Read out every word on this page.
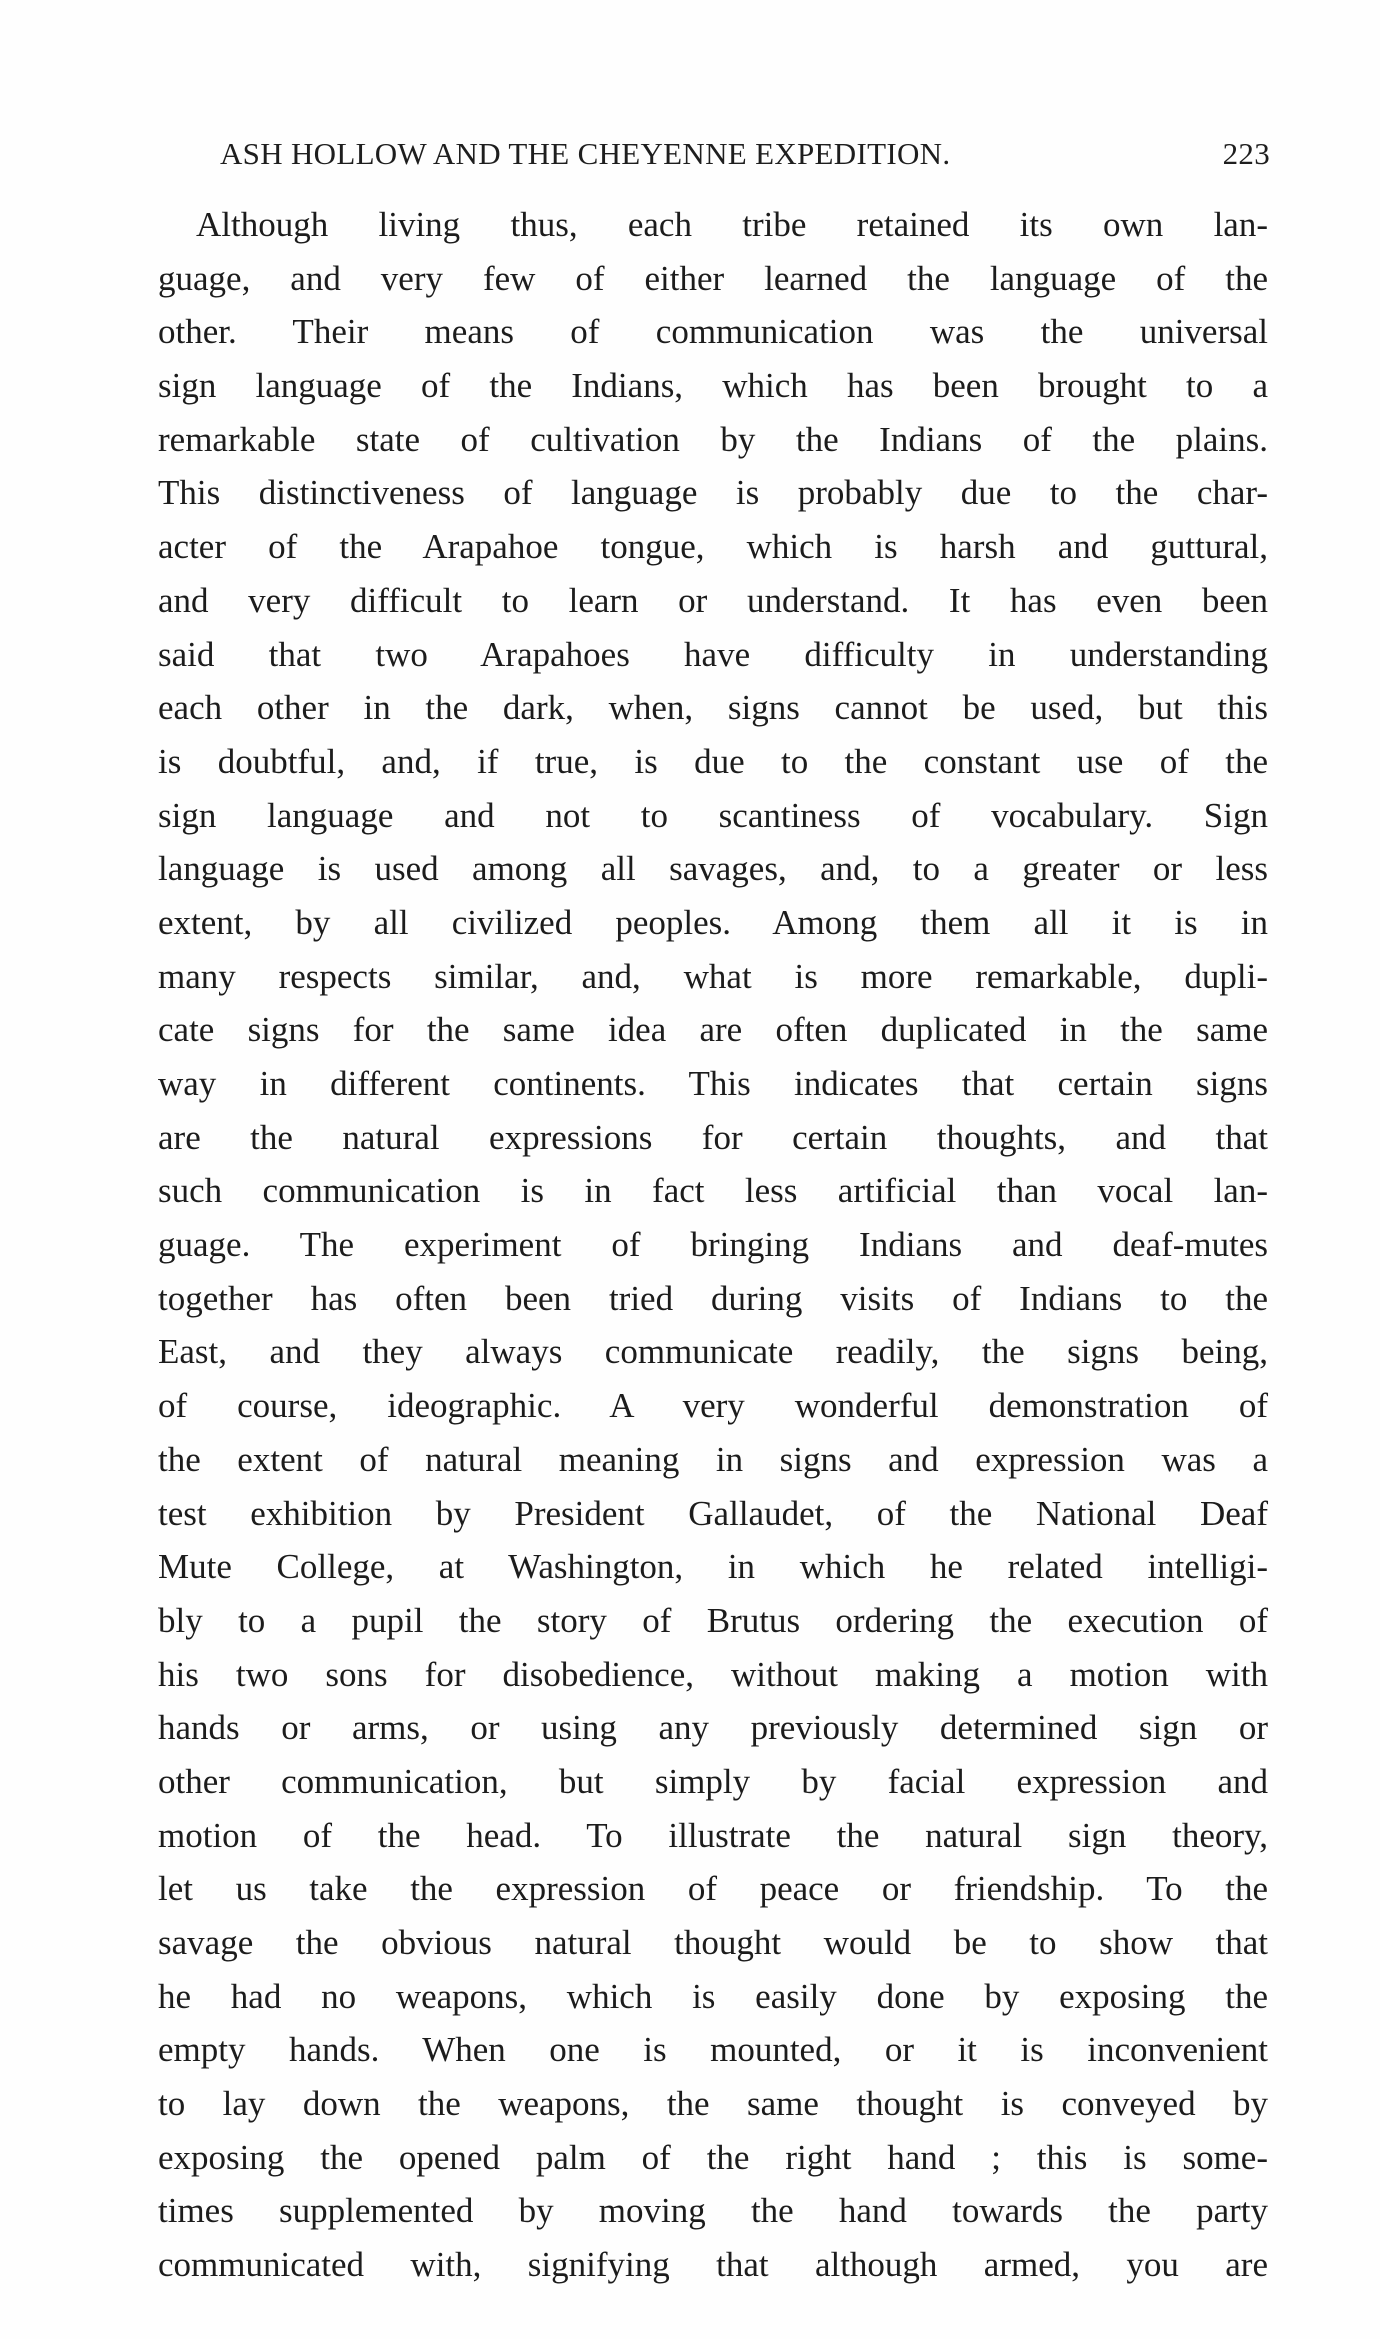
ASH HOLLOW AND THE CHEYENNE EXPEDITION.	223
Although living thus, each tribe retained its own lan-
guage, and very few of either learned the language of the
other. Their means of communication was the universal
sign language of the Indians, which has been brought to a
remarkable state of cultivation by the Indians of the plains.
This distinctiveness of language is probably due to the char-
acter of the Arapahoe tongue, which is harsh and guttural,
and very difficult to learn or understand. It has even been
said that two Arapahoes have difficulty in understanding
each other in the dark, when, signs cannot be used, but this
is doubtful, and, if true, is due to the constant use of the
sign language and not to scantiness of vocabulary. Sign
language is used among all savages, and, to a greater or less
extent, by all civilized peoples. Among them all it is in
many respects similar, and, what is more remarkable, dupli-
cate signs for the same idea are often duplicated in the same
way in different continents. This indicates that certain signs
are the natural expressions for certain thoughts, and that
such communication is in fact less artificial than vocal lan-
guage. The experiment of bringing Indians and deaf-mutes
together has often been tried during visits of Indians to the
East, and they always communicate readily, the signs being,
of course, ideographic. A very wonderful demonstration of
the extent of natural meaning in signs and expression was a
test exhibition by President Gallaudet, of the National Deaf
Mute College, at Washington, in which he related intelligi-
bly to a pupil the story of Brutus ordering the execution of
his two sons for disobedience, without making a motion with
hands or arms, or using any previously determined sign or
other communication, but simply by facial expression and
motion of the head. To illustrate the natural sign theory,
let us take the expression of peace or friendship. To the
savage the obvious natural thought would be to show that
he had no weapons, which is easily done by exposing the
empty hands. When one is mounted, or it is inconvenient
to lay down the weapons, the same thought is conveyed by
exposing the opened palm of the right hand ; this is some-
times supplemented by moving the hand towards the party
communicated with, signifying that although armed, you are
